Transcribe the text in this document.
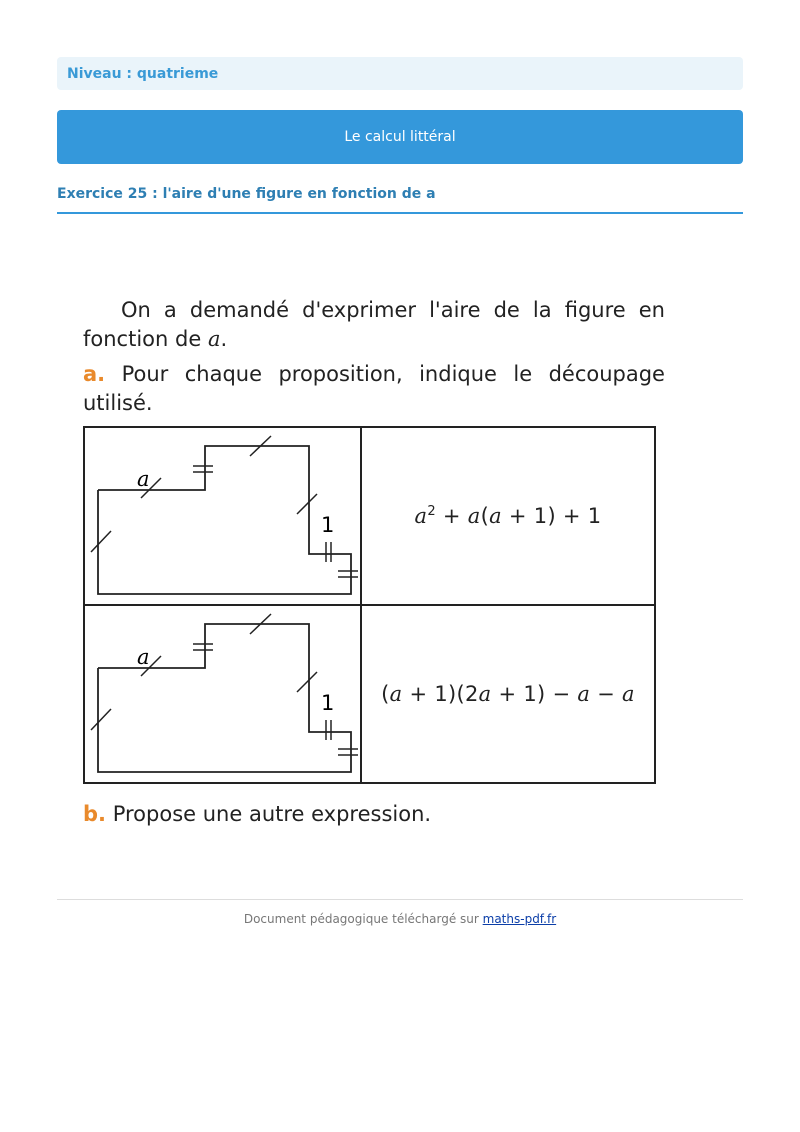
Niveau : quatrieme
Le calcul littéral
Exercice 25 : l'aire d'une figure en fonction de a

On a demandé d'exprimer l'aire de la figure en fonction de a.

a. Pour chaque proposition, indique le découpage utilisé.

a
1	$a^2 + a(a + 1) + 1$

a
1	(a + 1)(2a + 1) − a − a

b. Propose une autre expression.

Document pédagogique téléchargé sur maths-pdf.fr
